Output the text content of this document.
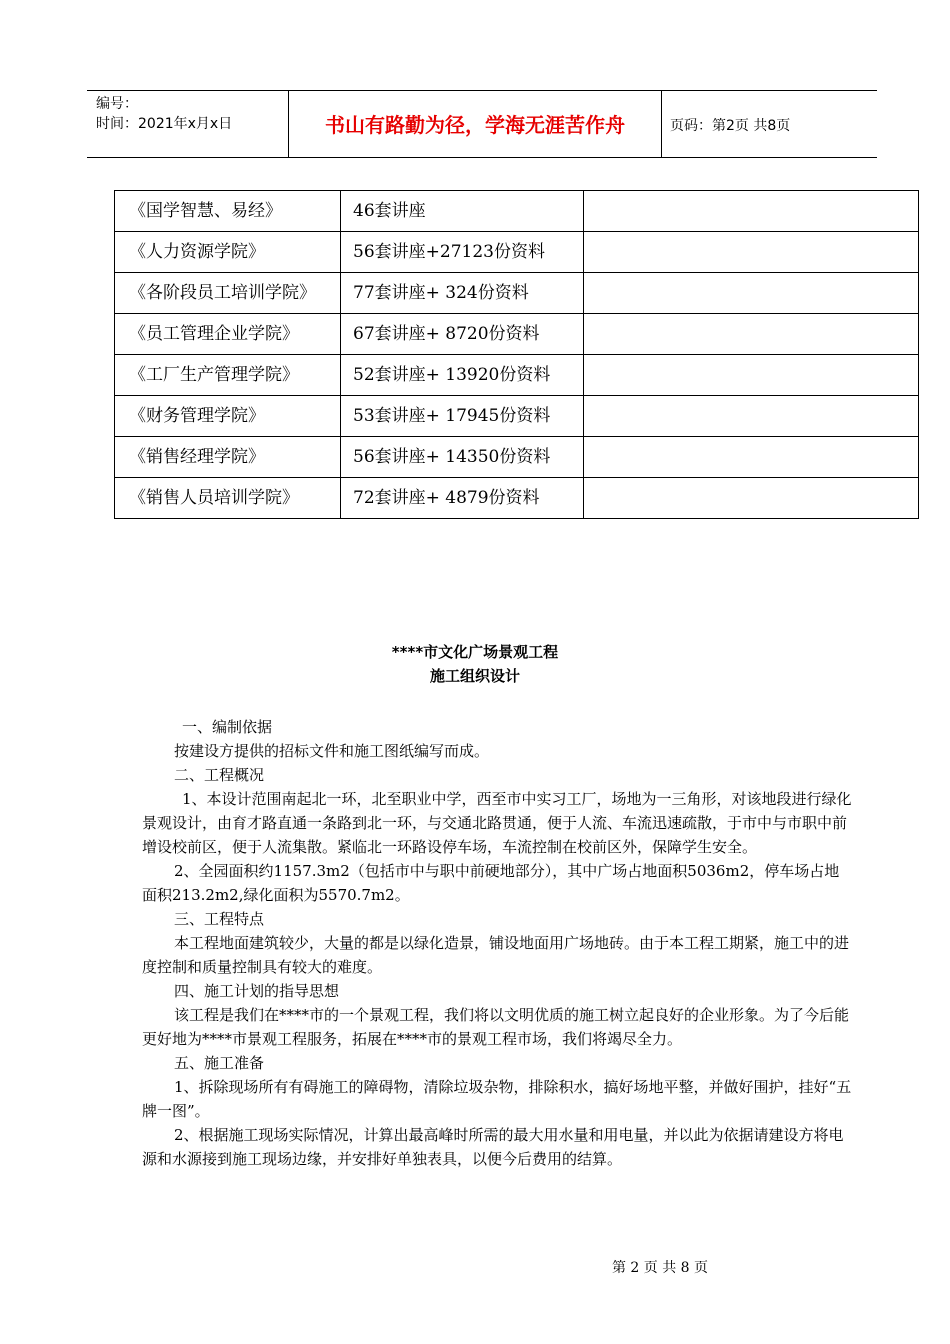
编号：
时间：2021年x月x日	书山有路勤为径，学海无涯苦作舟	页码：第2页 共8页
《国学智慧、易经》	46套讲座	
《人力资源学院》	56套讲座+27123份资料	
《各阶段员工培训学院》	77套讲座+ 324份资料	
《员工管理企业学院》	67套讲座+ 8720份资料	
《工厂生产管理学院》	52套讲座+ 13920份资料	
《财务管理学院》	53套讲座+ 17945份资料	
《销售经理学院》	56套讲座+ 14350份资料	
《销售人员培训学院》	72套讲座+ 4879份资料	
****市文化广场景观工程
施工组织设计

一、编制依据

按建设方提供的招标文件和施工图纸编写而成。

二、工程概况

1、本设计范围南起北一环，北至职业中学，西至市中实习工厂，场地为一三角形，对该地段进行绿化景观设计，由育才路直通一条路到北一环，与交通北路贯通，便于人流、车流迅速疏散，于市中与市职中前增设校前区，便于人流集散。紧临北一环路设停车场，车流控制在校前区外，保障学生安全。

2、全园面积约1157.3m2（包括市中与职中前硬地部分），其中广场占地面积5036m2，停车场占地面积213.2m2,绿化面积为5570.7m2。

三、工程特点

本工程地面建筑较少，大量的都是以绿化造景，铺设地面用广场地砖。由于本工程工期紧，施工中的进度控制和质量控制具有较大的难度。

四、施工计划的指导思想

该工程是我们在****市的一个景观工程，我们将以文明优质的施工树立起良好的企业形象。为了今后能更好地为****市景观工程服务，拓展在****市的景观工程市场，我们将竭尽全力。

五、施工准备

1、拆除现场所有有碍施工的障碍物，清除垃圾杂物，排除积水，搞好场地平整，并做好围护，挂好“五牌一图”。

2、根据施工现场实际情况，计算出最高峰时所需的最大用水量和用电量，并以此为依据请建设方将电源和水源接到施工现场边缘，并安排好单独表具，以便今后费用的结算。

第 2 页 共 8 页
